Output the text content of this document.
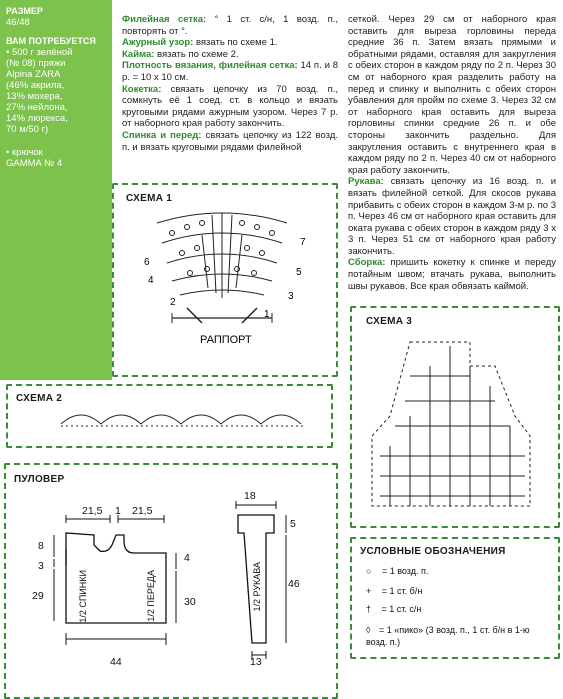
РАЗМЕР
46/48
ВАМ ПОТРЕБУЕТСЯ
• 500 г зелёной
(№ 08) пряжи
Alpina ZARA
(46% акрила,
13% мохера,
27% нейлона,
14% люрекса,
70 м/50 г)
• крючок
GAMMA № 4
Филейная сетка: ° 1 ст. с/н, 1 возд. п., повторять от °.
Ажурный узор: вязать по схеме 1.
Кайма: вязать по схеме 2.
Плотность вязания, филейная сетка: 14 п. и 8 р. = 10 х 10 см.
Кокетка: связать цепочку из 70 возд. п., сомкнуть её 1 соед. ст. в кольцо и вязать круговыми рядами ажурным узором. Через 7 р. от наборного края работу закончить.
Спинка и перед: связать цепочку из 122 возд. п. и вязать круговыми рядами филейной
сеткой. Через 29 см от наборного края оставить для выреза горловины переда средние 36 п. Затем вязать прямыми и обратными рядами, оставляя для закругления с обеих сторон в каждом ряду по 2 п. Через 30 см от наборного края разделить работу на перед и спинку и выполнить с обеих сторон убавления для пройм по схеме 3. Через 32 см от наборного края оставить для выреза горловины спинки средние 26 п. и обе стороны закончить раздельно. Для закругления оставить с внутреннего края в каждом ряду по 2 п. Через 40 см от наборного края работу закончить.
Рукава: связать цепочку из 16 возд. п. и вязать филейной сеткой. Для скосов рукава прибавить с обеих сторон в каждом 3-м р. по 3 п. Через 46 см от наборного края оставить для оката рукава с обеих сторон в каждом ряду 3 х 3 п. Через 51 см от наборного края работу закончить.
Сборка: пришить кокетку к спинке и переду потайным швом; втачать рукава, выполнить швы рукавов. Все края обвязать каймой.
СХЕМА 1
7
6
5
4
3
2
1
РАППОРТ
СХЕМА 2
СХЕМА 3
ПУЛОВЕР
21,5 1 21,5
8
3
29
4
30
44
1/2 СПИНКИ	1/2 ПЕРЕДА	1/2 РУКАВА
18
5
46
13
УСЛОВНЫЕ ОБОЗНАЧЕНИЯ
○ = 1 возд. п.
+ = 1 ст. б/н
† = 1 ст. с/н
◊ = 1 «пико» (3 возд. п., 1 ст. б/н в 1-ю возд. п.)
